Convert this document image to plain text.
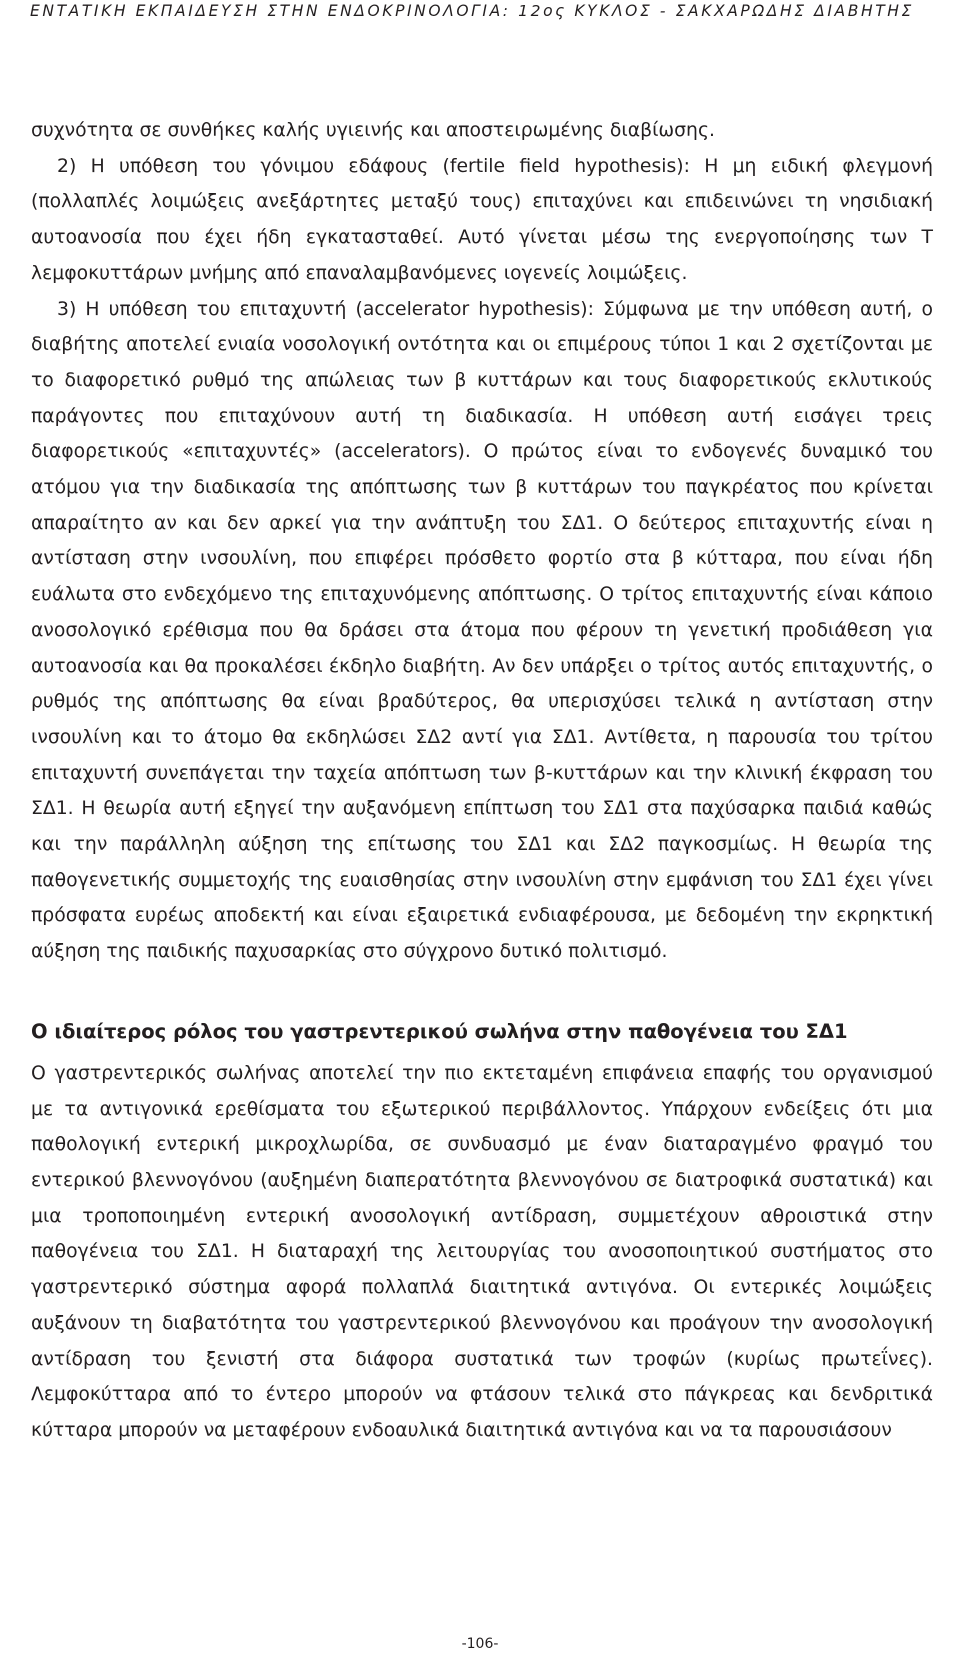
ΕΝΤΑΤΙΚΗ ΕΚΠΑΙΔΕΥΣΗ ΣΤΗΝ ΕΝΔΟΚΡΙΝΟΛΟΓΙΑ: 12ος ΚΥΚΛΟΣ - ΣΑΚΧΑΡΩΔΗΣ ΔΙΑΒΗΤΗΣ

συχνότητα σε συνθήκες καλής υγιεινής και αποστειρωμένης διαβίωσης.

2) Η υπόθεση του γόνιμου εδάφους (fertile field hypothesis): Η μη ειδική φλεγμονή (πολλαπλές λοιμώξεις ανεξάρτητες μεταξύ τους) επιταχύνει και επιδεινώνει τη νησιδιακή αυτοανοσία που έχει ήδη εγκατασταθεί. Αυτό γίνεται μέσω της ενεργοποίησης των Τ λεμφοκυττάρων μνήμης από επαναλαμβανόμενες ιογενείς λοιμώξεις.

3) Η υπόθεση του επιταχυντή (accelerator hypothesis): Σύμφωνα με την υπόθεση αυτή, ο διαβήτης αποτελεί ενιαία νοσολογική οντότητα και οι επιμέρους τύποι 1 και 2 σχετίζονται με το διαφορετικό ρυθμό της απώλειας των β κυττάρων και τους διαφορετικούς εκλυτικούς παράγοντες που επιταχύνουν αυτή τη διαδικασία. Η υπόθεση αυτή εισάγει τρεις διαφορετικούς «επιταχυντές» (accelerators). Ο πρώτος είναι το ενδογενές δυναμικό του ατόμου για την διαδικασία της απόπτωσης των β κυττάρων του παγκρέατος που κρίνεται απαραίτητο αν και δεν αρκεί για την ανάπτυξη του ΣΔ1. Ο δεύτερος επιταχυντής είναι η αντίσταση στην ινσουλίνη, που επιφέρει πρόσθετο φορτίο στα β κύτταρα, που είναι ήδη ευάλωτα στο ενδεχόμενο της επιταχυνόμενης απόπτωσης. Ο τρίτος επιταχυντής είναι κάποιο ανοσολογικό ερέθισμα που θα δράσει στα άτομα που φέρουν τη γενετική προδιάθεση για αυτοανοσία και θα προκαλέσει έκδηλο διαβήτη. Αν δεν υπάρξει ο τρίτος αυτός επιταχυντής, ο ρυθμός της απόπτωσης θα είναι βραδύτερος, θα υπερισχύσει τελικά η αντίσταση στην ινσουλίνη και το άτομο θα εκδηλώσει ΣΔ2 αντί για ΣΔ1. Αντίθετα, η παρουσία του τρίτου επιταχυντή συνεπάγεται την ταχεία απόπτωση των β-κυττάρων και την κλινική έκφραση του ΣΔ1. Η θεωρία αυτή εξηγεί την αυξανόμενη επίπτωση του ΣΔ1 στα παχύσαρκα παιδιά καθώς και την παράλληλη αύξηση της επίτωσης του ΣΔ1 και ΣΔ2 παγκοσμίως. Η θεωρία της παθογενετικής συμμετοχής της ευαισθησίας στην ινσουλίνη στην εμφάνιση του ΣΔ1 έχει γίνει πρόσφατα ευρέως αποδεκτή και είναι εξαιρετικά ενδιαφέρουσα, με δεδομένη την εκρηκτική αύξηση της παιδικής παχυσαρκίας στο σύγχρονο δυτικό πολιτισμό.

Ο ιδιαίτερος ρόλος του γαστρεντερικού σωλήνα στην παθογένεια του ΣΔ1

Ο γαστρεντερικός σωλήνας αποτελεί την πιο εκτεταμένη επιφάνεια επαφής του οργανισμού με τα αντιγονικά ερεθίσματα του εξωτερικού περιβάλλοντος. Υπάρχουν ενδείξεις ότι μια παθολογική εντερική μικροχλωρίδα, σε συνδυασμό με έναν διαταραγμένο φραγμό του εντερικού βλεννογόνου (αυξημένη διαπερατότητα βλεννογόνου σε διατροφικά συστατικά) και μια τροποποιημένη εντερική ανοσολογική αντίδραση, συμμετέχουν αθροιστικά στην παθογένεια του ΣΔ1. Η διαταραχή της λειτουργίας του ανοσοποιητικού συστήματος στο γαστρεντερικό σύστημα αφορά πολλαπλά διαιτητικά αντιγόνα. Οι εντερικές λοιμώξεις αυξάνουν τη διαβατότητα του γαστρεντερικού βλεννογόνου και προάγουν την ανοσολογική αντίδραση του ξενιστή στα διάφορα συστατικά των τροφών (κυρίως πρωτεΐνες). Λεμφοκύτταρα από το έντερο μπορούν να φτάσουν τελικά στο πάγκρεας και δενδριτικά κύτταρα μπορούν να μεταφέρουν ενδοαυλικά διαιτητικά αντιγόνα και να τα παρουσιάσουν

-106-
